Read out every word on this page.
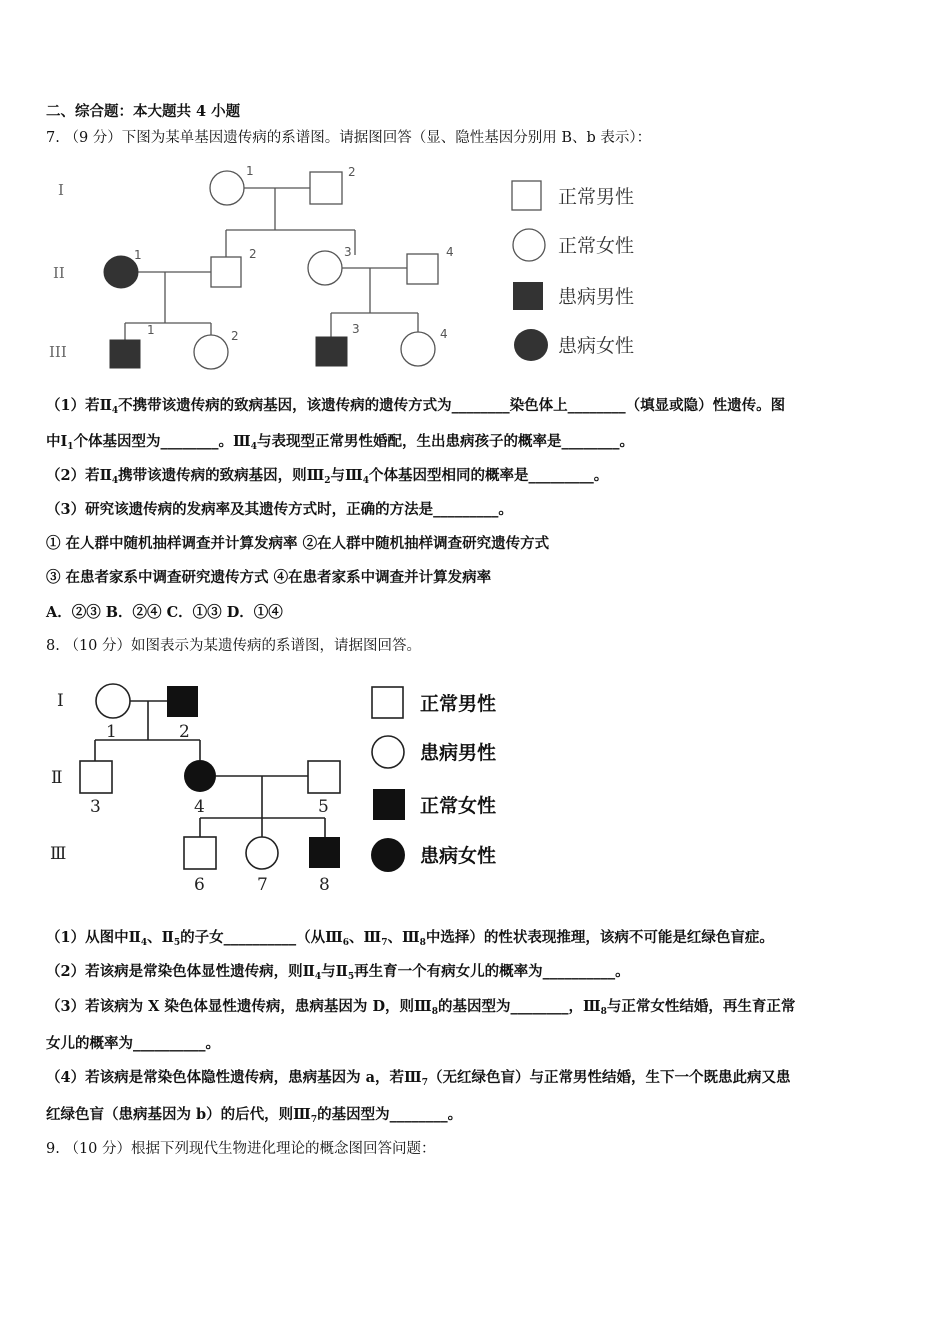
二、综合题：本大题共 4 小题
7. （9 分）下图为某单基因遗传病的系谱图。请据图回答（显、隐性基因分别用 B、b 表示）：
I
II
III
1	2
1	2	3	4
1	2	3	4
正常男性
正常女性
患病男性
患病女性
（1）若$Ⅱ_4$不携带该遗传病的致病基因，该遗传病的遗传方式为________染色体上________（填显或隐）性遗传。图
中$Ⅰ_1$个体基因型为________。$Ⅲ_4$与表现型正常男性婚配，生出患病孩子的概率是________。
（2）若$Ⅱ_4$携带该遗传病的致病基因，则$Ⅲ_2$与$Ⅲ_4$个体基因型相同的概率是_________。
（3）研究该遗传病的发病率及其遗传方式时，正确的方法是_________。
① 在人群中随机抽样调查并计算发病率 ②在人群中随机抽样调查研究遗传方式
③ 在患者家系中调查研究遗传方式 ④在患者家系中调查并计算发病率
A．②③ B．②④ C．①③ D．①④
8. （10 分）如图表示为某遗传病的系谱图，请据图回答。
I
Ⅱ
Ⅲ
1	2
3	4	5
6	7	8
正常男性
患病男性
正常女性
患病女性
（1）从图中$Ⅱ_4$、$Ⅱ_5$的子女__________（从$Ⅲ_6$、$Ⅲ_7$、$Ⅲ_8$中选择）的性状表现推理，该病不可能是红绿色盲症。
（2）若该病是常染色体显性遗传病，则$Ⅱ_4$与$Ⅱ_5$再生育一个有病女儿的概率为__________。
（3）若该病为 X 染色体显性遗传病，患病基因为 D，则$Ⅲ_8$的基因型为________，$Ⅲ_8$与正常女性结婚，再生育正常
女儿的概率为__________。
（4）若该病是常染色体隐性遗传病，患病基因为 a，若$Ⅲ_7$（无红绿色盲）与正常男性结婚，生下一个既患此病又患
红绿色盲（患病基因为 b）的后代，则$Ⅲ_7$的基因型为________。
9. （10 分）根据下列现代生物进化理论的概念图回答问题：
